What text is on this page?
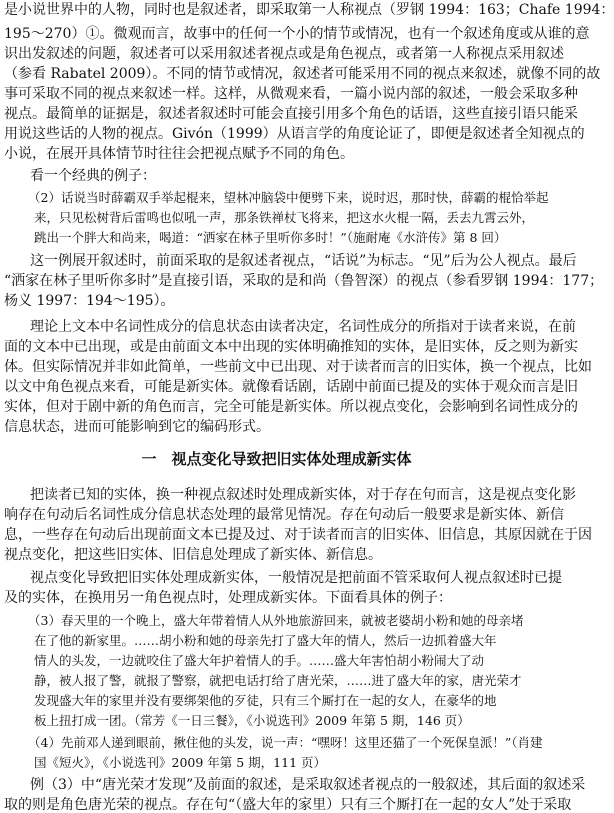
是小说世界中的人物，同时也是叙述者，即采取第一人称视点（罗钢 1994：163；Chafe 1994：
195～270）①。微观而言，故事中的任何一个小的情节或情况，也有一个叙述角度或从谁的意
识出发叙述的问题，叙述者可以采用叙述者视点或是角色视点，或者第一人称视点采用叙述
（参看 Rabatel 2009）。不同的情节或情况，叙述者可能采用不同的视点来叙述，就像不同的故
事可采取不同的视点来叙述一样。这样，从微观来看，一篇小说内部的叙述，一般会采取多种
视点。最简单的证据是，叙述者叙述时可能会直接引用多个角色的话语，这些直接引语只能采
用说这些话的人物的视点。Givón（1999）从语言学的角度论证了，即便是叙述者全知视点的
小说，在展开具体情节时往往会把视点赋予不同的角色。
看一个经典的例子：
（2）话说当时薛霸双手举起棍来，望林冲脑袋中便劈下来，说时迟，那时快，薛霸的棍恰举起
来，只见松树背后雷鸣也似吼一声，那条铁禅杖飞将来，把这水火棍一隔，丢去九霄云外，
跳出一个胖大和尚来，喝道：“洒家在林子里听你多时！”（施耐庵《水浒传》第 8 回）
这一例展开叙述时，前面采取的是叙述者视点，“话说”为标志。“见”后为公人视点。最后
“洒家在林子里听你多时”是直接引语，采取的是和尚（鲁智深）的视点（参看罗钢 1994：177；
杨义 1997：194～195）。
理论上文本中名词性成分的信息状态由读者决定，名词性成分的所指对于读者来说，在前
面的文本中已出现，或是由前面文本中出现的实体明确推知的实体，是旧实体，反之则为新实
体。但实际情况并非如此简单，一些前文中已出现、对于读者而言的旧实体，换一个视点，比如
以文中角色视点来看，可能是新实体。就像看话剧，话剧中前面已提及的实体于观众而言是旧
实体，但对于剧中新的角色而言，完全可能是新实体。所以视点变化，会影响到名词性成分的
信息状态，进而可能影响到它的编码形式。
一　视点变化导致把旧实体处理成新实体
把读者已知的实体，换一种视点叙述时处理成新实体，对于存在句而言，这是视点变化影
响存在句动后名词性成分信息状态处理的最常见情况。存在句动后一般要求是新实体、新信
息，一些存在句动后出现前面文本已提及过、对于读者而言的旧实体、旧信息，其原因就在于因
视点变化，把这些旧实体、旧信息处理成了新实体、新信息。
视点变化导致把旧实体处理成新实体，一般情况是把前面不管采取何人视点叙述时已提
及的实体，在换用另一角色视点时，处理成新实体。下面看具体的例子：
（3）春天里的一个晚上，盛大年带着情人从外地旅游回来，就被老婆胡小粉和她的母亲堵
在了他的新家里。……胡小粉和她的母亲先打了盛大年的情人，然后一边抓着盛大年
情人的头发，一边就咬住了盛大年护着情人的手。……盛大年害怕胡小粉闹大了动
静，被人报了警，就报了警察，就把电话打给了唐光荣，……进了盛大年的家，唐光荣才
发现盛大年的家里并没有要绑架他的歹徒，只有三个厮打在一起的女人，在豪华的地
板上扭打成一团。（常芳《一日三餐》，《小说选刊》2009 年第 5 期，146 页）
（4）先前邓人递到眼前，揪住他的头发，说一声：“嘿呀！这里还猫了一个死保皇派！”（肖建
国《短火》，《小说选刊》2009 年第 5 期，111 页）
例（3）中“唐光荣才发现”及前面的叙述，是采取叙述者视点的一般叙述，其后面的叙述采
取的则是角色唐光荣的视点。存在句“（盛大年的家里）只有三个厮打在一起的女人”处于采取
